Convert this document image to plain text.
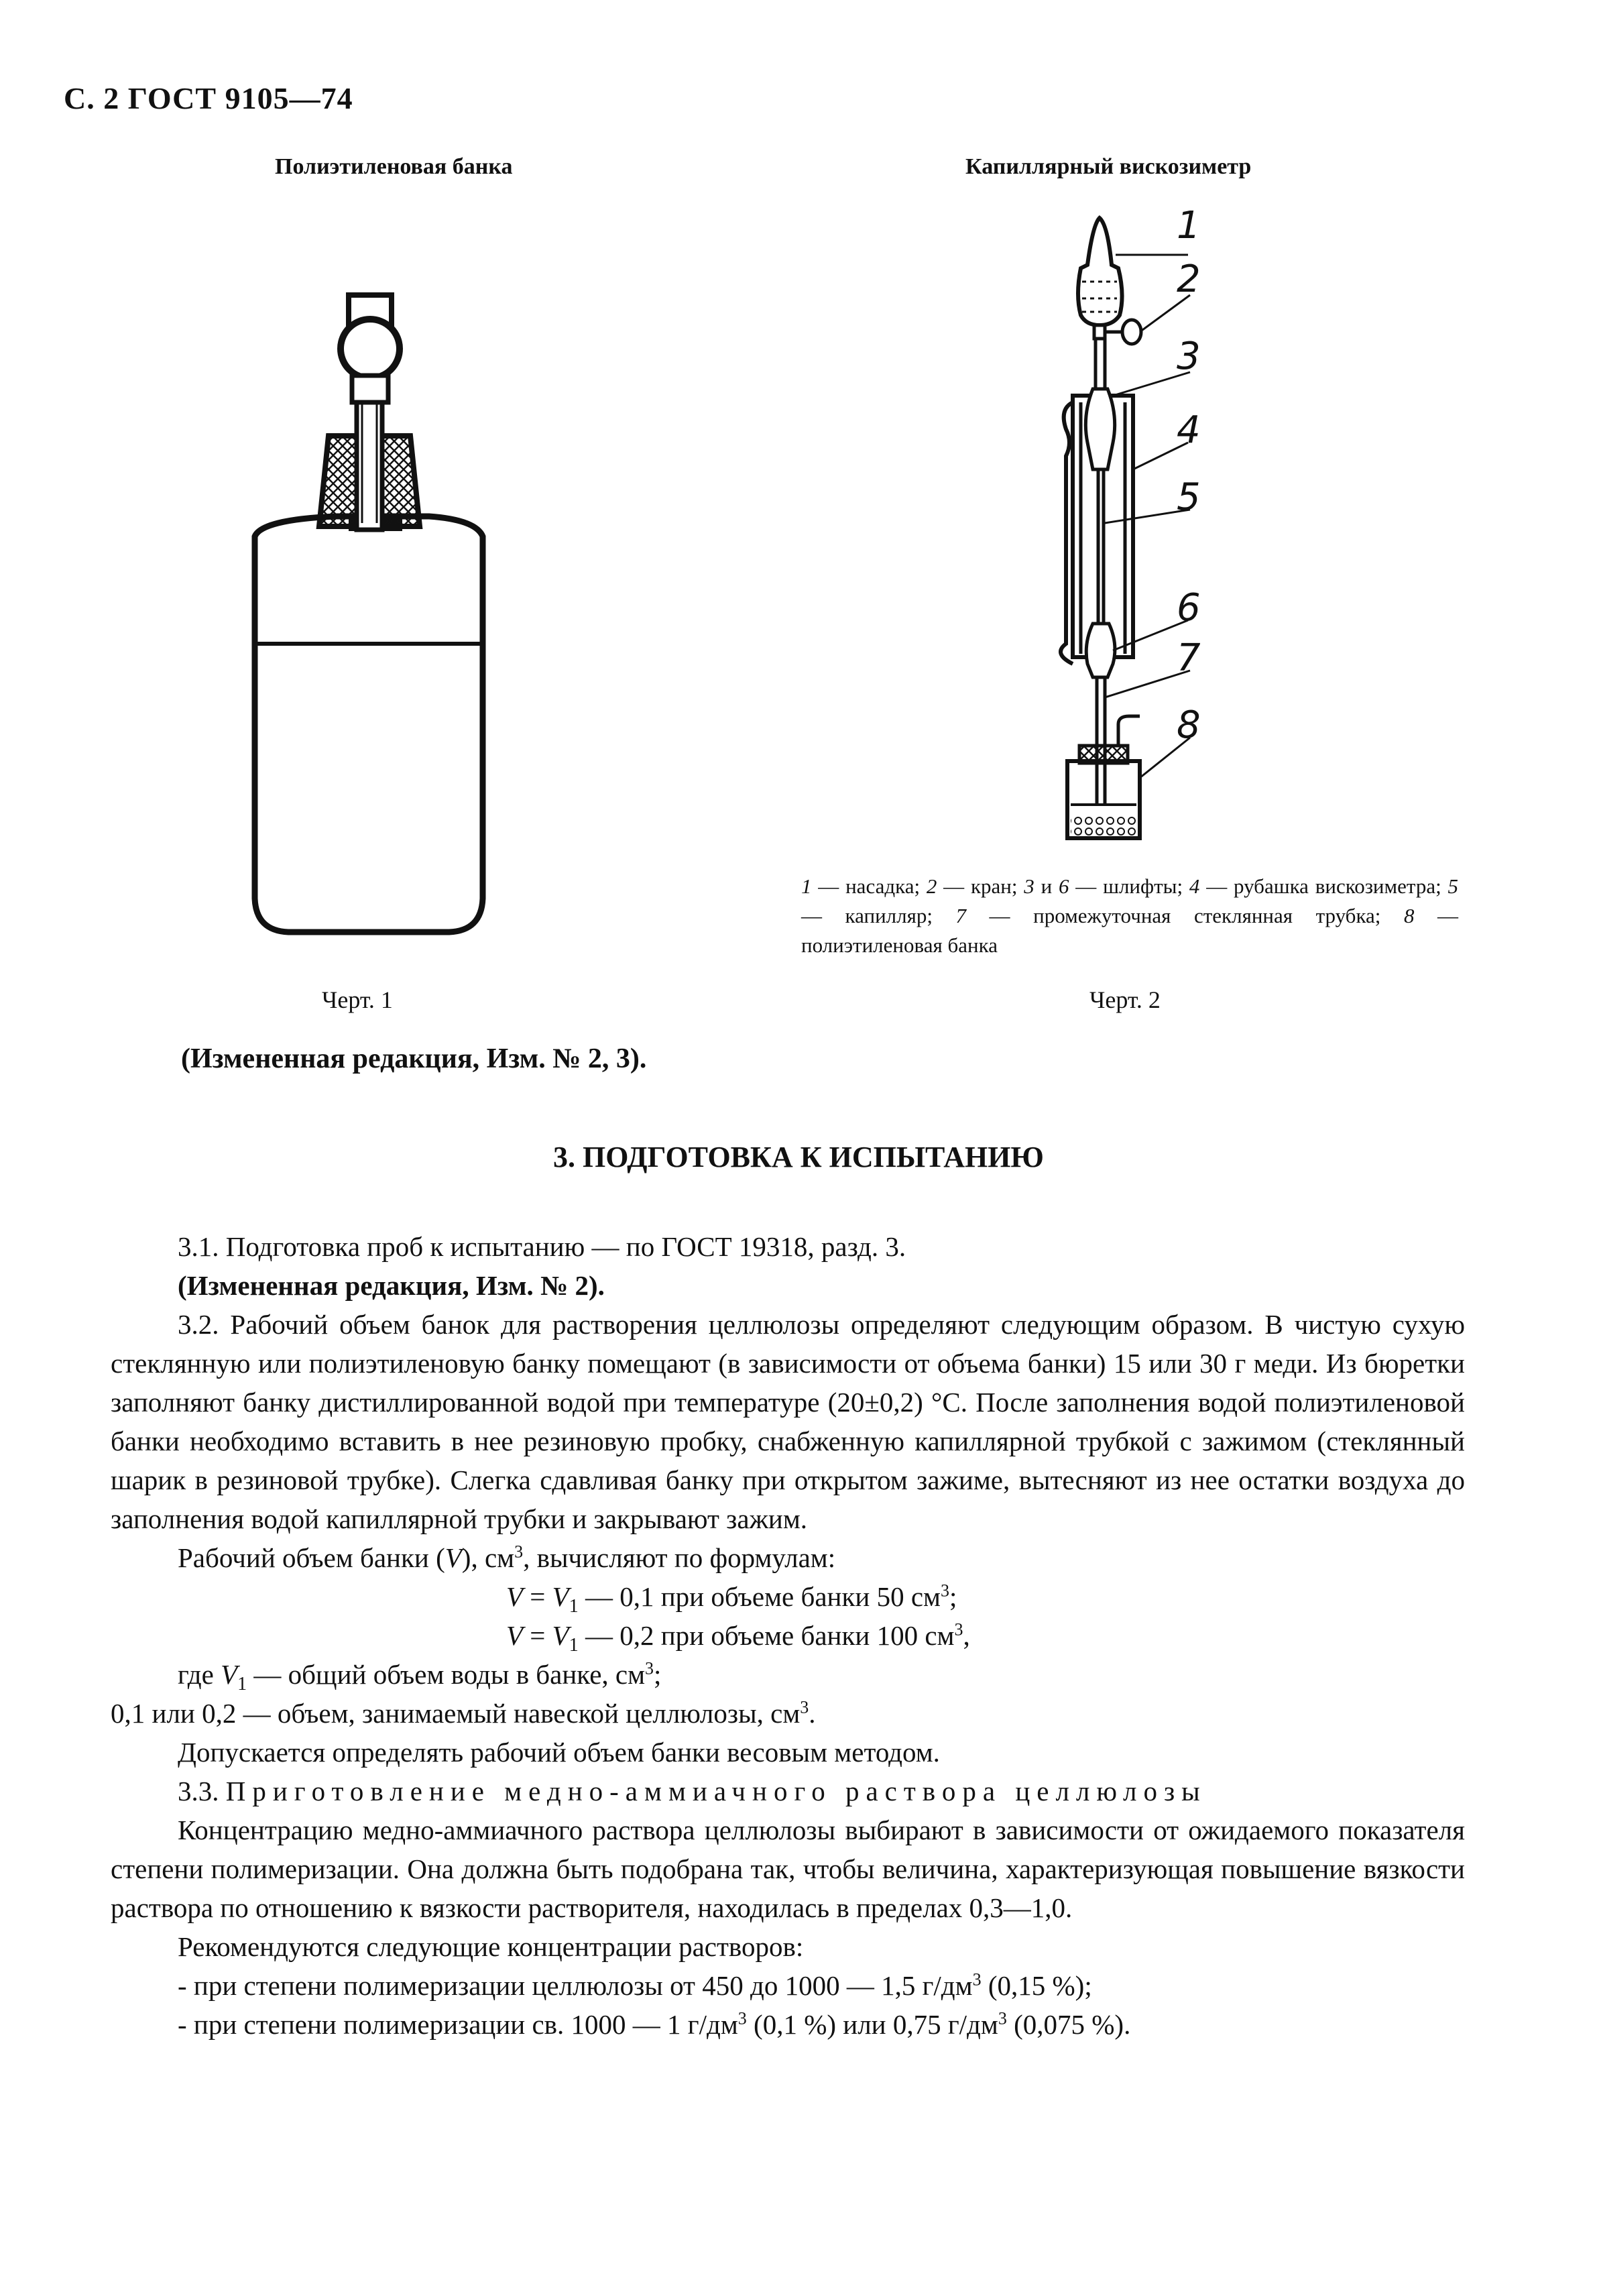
С. 2 ГОСТ 9105—74
Полиэтиленовая банка	Капиллярный вискозиметр
1
2
3
4
5
6
7
8
1 — насадка; 2 — кран; 3 и 6 — шлифты; 4 — рубашка вискозиметра; 5 — капилляр; 7 — промежуточная стеклянная трубка; 8 — полиэтиленовая банка
Черт. 1	Черт. 2
(Измененная редакция, Изм. № 2, 3).
3. ПОДГОТОВКА К ИСПЫТАНИЮ

3.1. Подготовка проб к испытанию — по ГОСТ 19318, разд. 3.

(Измененная редакция, Изм. № 2).

3.2. Рабочий объем банок для растворения целлюлозы определяют следующим образом. В чистую сухую стеклянную или полиэтиленовую банку помещают (в зависимости от объема банки) 15 или 30 г меди. Из бюретки заполняют банку дистиллированной водой при температуре (20±0,2) °С. После заполнения водой полиэтиленовой банки необходимо вставить в нее резиновую пробку, снабженную капиллярной трубкой с зажимом (стеклянный шарик в резиновой трубке). Слегка сдавливая банку при открытом зажиме, вытесняют из нее остатки воздуха до заполнения водой капиллярной трубки и закрывают зажим.

Рабочий объем банки (V), $см^3$, вычисляют по формулам:

$V = V_1$ — 0,1 при объеме банки 50 $см^3$;

$V = V_1$ — 0,2 при объеме банки 100 $см^3$,

где $V_1$ — общий объем воды в банке, $см^3$;

0,1 или 0,2 — объем, занимаемый навеской целлюлозы, $см^3$.

Допускается определять рабочий объем банки весовым методом.

3.3. Приготовление медно-аммиачного раствора целлюлозы

Концентрацию медно-аммиачного раствора целлюлозы выбирают в зависимости от ожидаемого показателя степени полимеризации. Она должна быть подобрана так, чтобы величина, характеризующая повышение вязкости раствора по отношению к вязкости растворителя, находилась в пределах 0,3—1,0.

Рекомендуются следующие концентрации растворов:

- при степени полимеризации целлюлозы от 450 до 1000 — 1,5 $г/дм^3$ (0,15 %);

- при степени полимеризации св. 1000 — 1 $г/дм^3$ (0,1 %) или 0,75 $г/дм^3$ (0,075 %).
